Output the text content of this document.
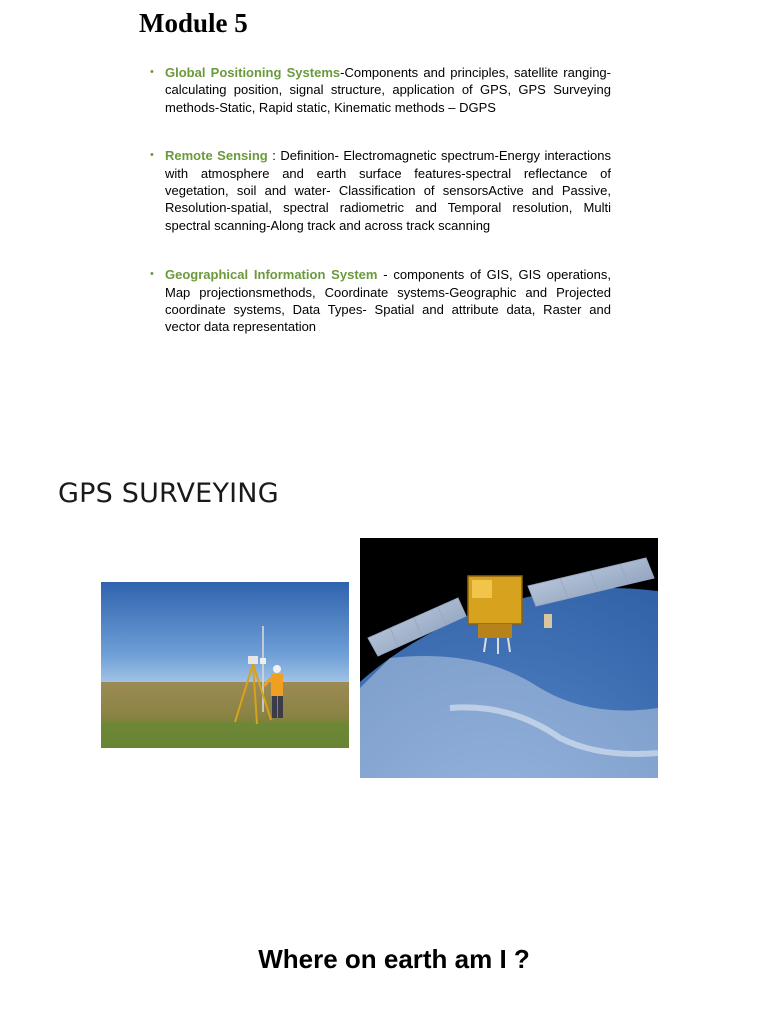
Module 5
• Global Positioning Systems-Components and principles, satellite ranging-calculating position, signal structure, application of GPS, GPS Surveying methods-Static, Rapid static, Kinematic methods – DGPS
• Remote Sensing : Definition- Electromagnetic spectrum-Energy interactions with atmosphere and earth surface features-spectral reflectance of vegetation, soil and water- Classification of sensorsActive and Passive, Resolution-spatial, spectral radiometric and Temporal resolution, Multi spectral scanning-Along track and across track scanning
• Geographical Information System - components of GIS, GIS operations, Map projectionsmethods, Coordinate systems-Geographic and Projected coordinate systems, Data Types- Spatial and attribute data, Raster and vector data representation
GPS SURVEYING
Where on earth am I ?
